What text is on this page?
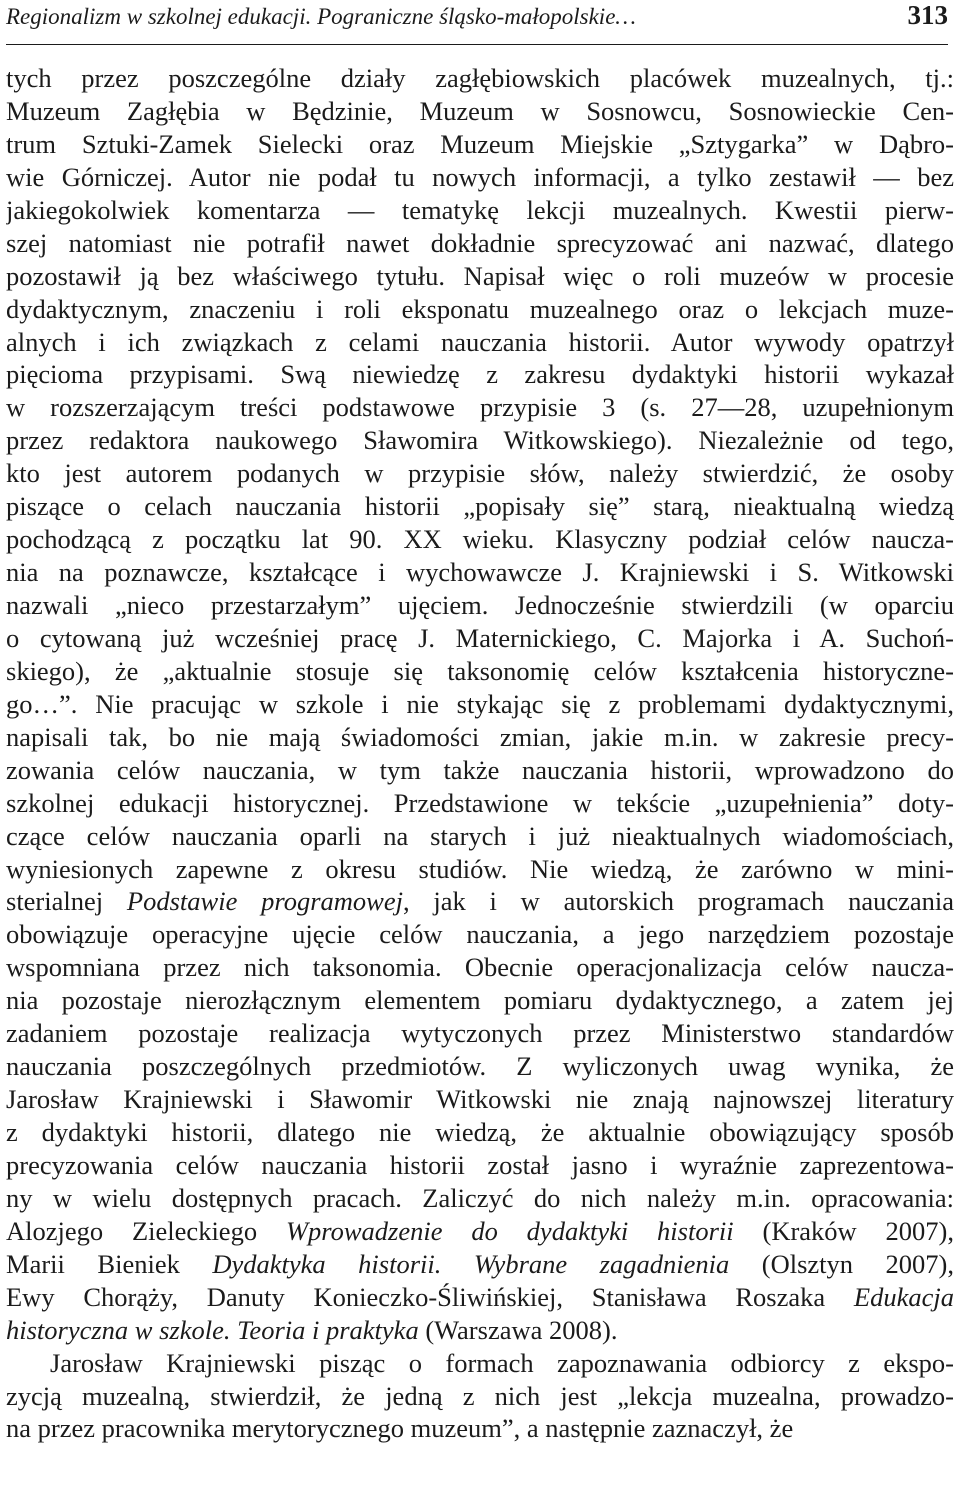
Regionalizm w szkolnej edukacji. Pograniczne śląsko-małopolskie…	313
tych przez poszczególne działy zagłębiowskich placówek muzealnych, tj.:
Muzeum Zagłębia w Będzinie, Muzeum w Sosnowcu, Sosnowieckie Cen-
trum Sztuki-Zamek Sielecki oraz Muzeum Miejskie „Sztygarka” w Dąbro-
wie Górniczej. Autor nie podał tu nowych informacji, a tylko zestawił — bez
jakiegokolwiek komentarza — tematykę lekcji muzealnych. Kwestii pierw-
szej natomiast nie potrafił nawet dokładnie sprecyzować ani nazwać, dlatego
pozostawił ją bez właściwego tytułu. Napisał więc o roli muzeów w procesie
dydaktycznym, znaczeniu i roli eksponatu muzealnego oraz o lekcjach muze-
alnych i ich związkach z celami nauczania historii. Autor wywody opatrzył
pięcioma przypisami. Swą niewiedzę z zakresu dydaktyki historii wykazał
w rozszerzającym treści podstawowe przypisie 3 (s. 27—28, uzupełnionym
przez redaktora naukowego Sławomira Witkowskiego). Niezależnie od tego,
kto jest autorem podanych w przypisie słów, należy stwierdzić, że osoby
piszące o celach nauczania historii „popisały się” starą, nieaktualną wiedzą
pochodzącą z początku lat 90. XX wieku. Klasyczny podział celów naucza-
nia na poznawcze, kształcące i wychowawcze J. Krajniewski i S. Witkowski
nazwali „nieco przestarzałym” ujęciem. Jednocześnie stwierdzili (w oparciu
o cytowaną już wcześniej pracę J. Maternickiego, C. Majorka i A. Suchoń-
skiego), że „aktualnie stosuje się taksonomię celów kształcenia historyczne-
go…”. Nie pracując w szkole i nie stykając się z problemami dydaktycznymi,
napisali tak, bo nie mają świadomości zmian, jakie m.in. w zakresie precy-
zowania celów nauczania, w tym także nauczania historii, wprowadzono do
szkolnej edukacji historycznej. Przedstawione w tekście „uzupełnienia” doty-
czące celów nauczania oparli na starych i już nieaktualnych wiadomościach,
wyniesionych zapewne z okresu studiów. Nie wiedzą, że zarówno w mini-
sterialnej Podstawie programowej, jak i w autorskich programach nauczania
obowiązuje operacyjne ujęcie celów nauczania, a jego narzędziem pozostaje
wspomniana przez nich taksonomia. Obecnie operacjonalizacja celów naucza-
nia pozostaje nierozłącznym elementem pomiaru dydaktycznego, a zatem jej
zadaniem pozostaje realizacja wytyczonych przez Ministerstwo standardów
nauczania poszczególnych przedmiotów. Z wyliczonych uwag wynika, że
Jarosław Krajniewski i Sławomir Witkowski nie znają najnowszej literatury
z dydaktyki historii, dlatego nie wiedzą, że aktualnie obowiązujący sposób
precyzowania celów nauczania historii został jasno i wyraźnie zaprezentowa-
ny w wielu dostępnych pracach. Zaliczyć do nich należy m.in. opracowania:
Alozjego Zieleckiego Wprowadzenie do dydaktyki historii (Kraków 2007),
Marii Bieniek Dydaktyka historii. Wybrane zagadnienia (Olsztyn 2007),
Ewy Chorąży, Danuty Konieczko-Śliwińskiej, Stanisława Roszaka Edukacja
historyczna w szkole. Teoria i praktyka (Warszawa 2008).
Jarosław Krajniewski pisząc o formach zapoznawania odbiorcy z ekspo-
zycją muzealną, stwierdził, że jedną z nich jest „lekcja muzealna, prowadzo-
na przez pracownika merytorycznego muzeum”, a następnie zaznaczył, że
